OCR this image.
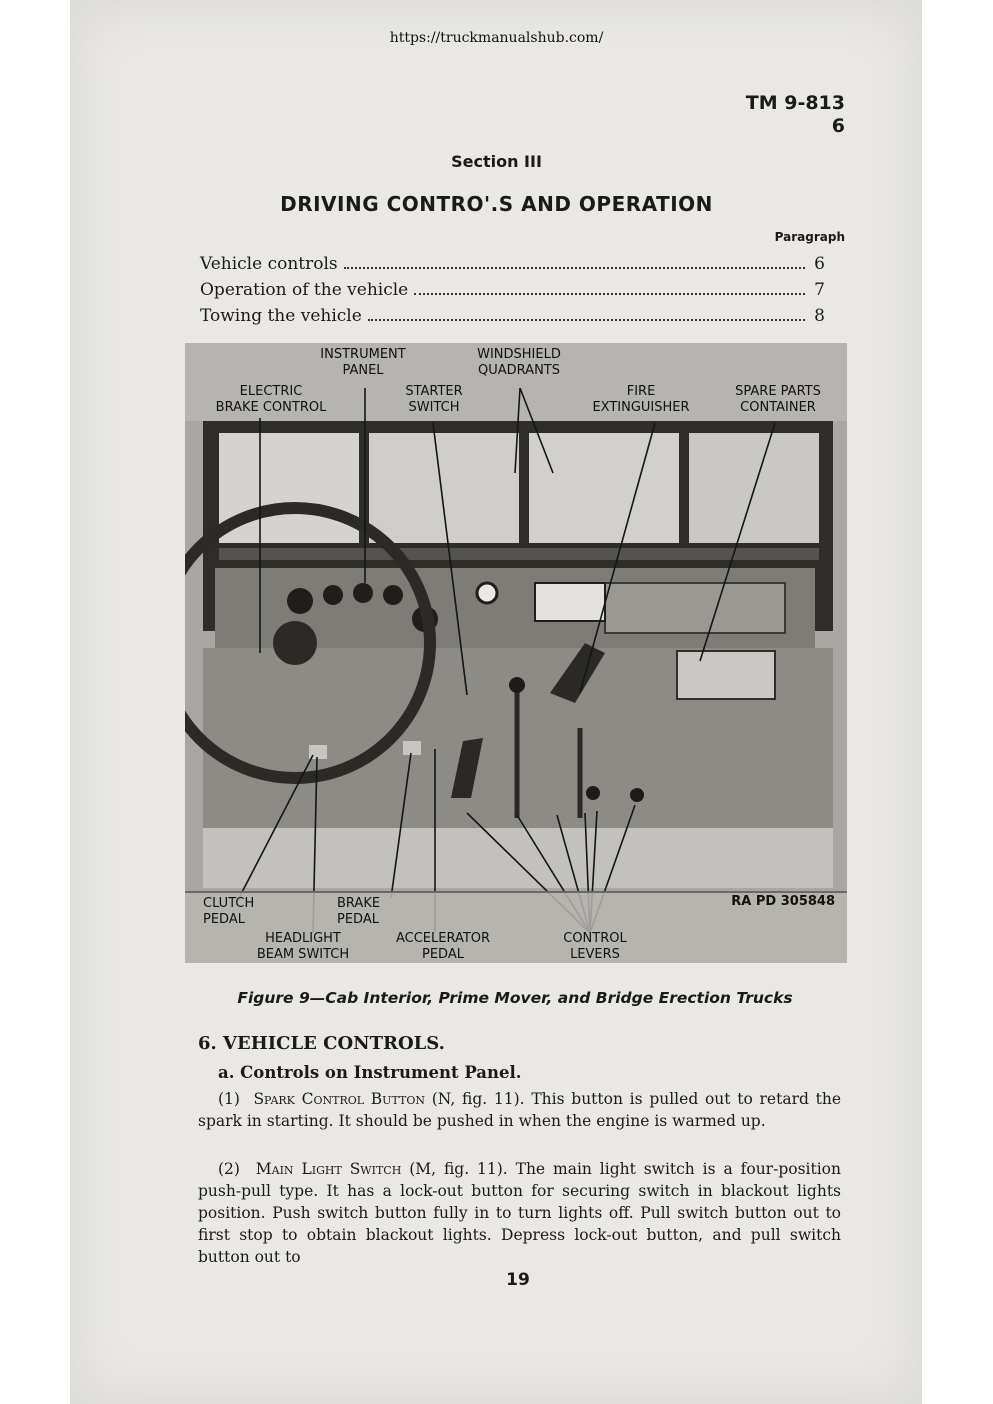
https://truckmanualshub.com/
TM 9-813
6
Section III
DRIVING CONTRO'.S AND OPERATION
Paragraph
Vehicle controls	6
Operation of the vehicle	7
Towing the vehicle	8
INSTRUMENT
PANEL
WINDSHIELD
QUADRANTS
ELECTRIC
BRAKE CONTROL
STARTER
SWITCH
FIRE
EXTINGUISHER
SPARE PARTS
CONTAINER
CLUTCH
PEDAL
BRAKE
PEDAL
HEADLIGHT
BEAM SWITCH
ACCELERATOR
PEDAL
CONTROL
LEVERS
RA PD 305848
Figure 9—Cab Interior, Prime Mover, and Bridge Erection Trucks
6. VEHICLE CONTROLS.
a. Controls on Instrument Panel.
(1) Spark Control Button (N, fig. 11). This button is pulled out to retard the spark in starting. It should be pushed in when the engine is warmed up.
(2) Main Light Switch (M, fig. 11). The main light switch is a four-position push-pull type. It has a lock-out button for securing switch in blackout lights position. Push switch button fully in to turn lights off. Pull switch button out to first stop to obtain blackout lights. Depress lock-out button, and pull switch button out to
19
